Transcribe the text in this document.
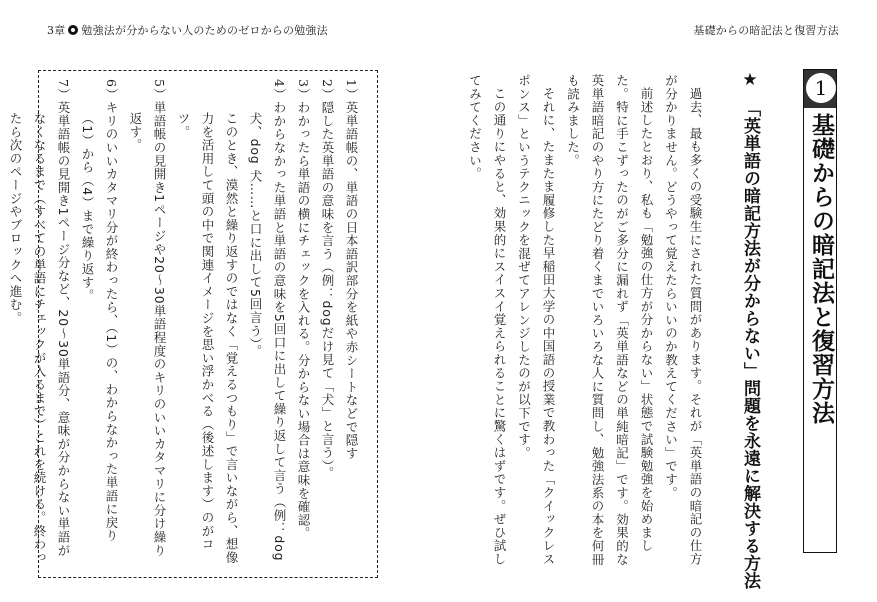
3章 勉強法が分からない人のためのゼロからの勉強法	基礎からの暗記法と復習方法
1
基礎からの暗記法と復習方法
★　「英単語の暗記方法が分からない」問題を永遠に解決する方法

過去、最も多くの受験生にされた質問があります。それが「英単語の暗記の仕方が分かりません。どうやって覚えたらいいのか教えてください」です。

前述したとおり、私も「勉強の仕方が分からない」状態で試験勉強を始めました。特に手こずったのがご多分に漏れず「英単語などの単純暗記」です。効果的な英単語暗記のやり方にたどり着くまでいろいろな人に質問し、勉強法系の本を何冊も読みました。

それに、たまたま履修した早稲田大学の中国語の授業で教わった「クイックレスポンス」というテクニックを混ぜてアレンジしたのが以下です。

この通りにやると、効果的にスイスイ覚えられることに驚くはずです。ぜひ試してみてください。

1）英単語帳の、単語の日本語訳部分を紙や赤シートなどで隠す

2）隠した英単語の意味を言う（例：dogだけ見て「犬」と言う）。

3）わかったら単語の横にチェックを入れる。分からない場合は意味を確認。

4）わからなかった単語と単語の意味を5回口に出して繰り返して言う（例：dog 犬、dog 犬……と口に出して5回言う）。

このとき、漠然と繰り返すのではなく「覚えるつもり」で言いながら、想像力を活用して頭の中で関連イメージを思い浮かべる（後述します）のがコツ。

5）単語帳の見開き1ページや20～30単語程度のキリのいいカタマリに分け繰り返す。

6）キリのいいカタマリ分が終わったら、（1）の、わからなかった単語に戻り（1）から（4）まで繰り返す。

7）英単語帳の見開き1ページ分など、20～30単語分、意味が分からない単語がなくなるまで（すべての単語にチェックが入るまで）これを続ける。終わったら次のページやブロックへ進む。
